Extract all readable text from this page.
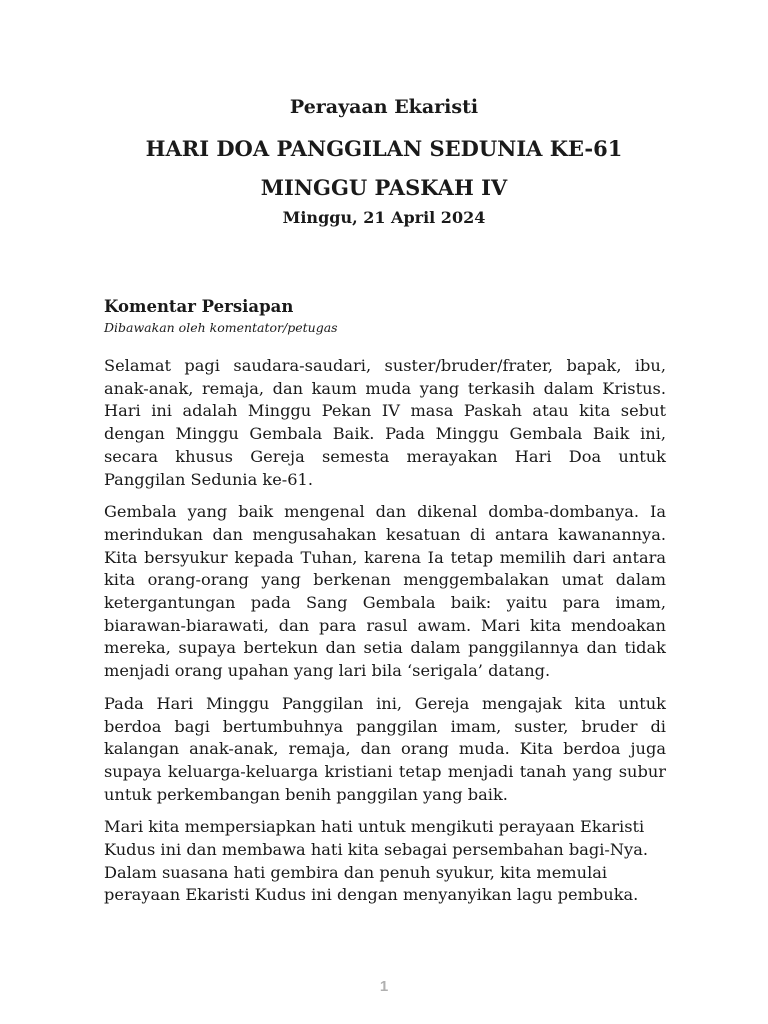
Perayaan Ekaristi
HARI DOA PANGGILAN SEDUNIA KE-61
MINGGU PASKAH IV
Minggu, 21 April 2024
Komentar Persiapan
Dibawakan oleh komentator/petugas

Selamat pagi saudara-saudari, suster/bruder/frater, bapak, ibu, anak-anak, remaja, dan kaum muda yang terkasih dalam Kristus. Hari ini adalah Minggu Pekan IV masa Paskah atau kita sebut dengan Minggu Gembala Baik. Pada Minggu Gembala Baik ini, secara khusus Gereja semesta merayakan Hari Doa untuk Panggilan Sedunia ke-61.

Gembala yang baik mengenal dan dikenal domba-dombanya. Ia merindukan dan mengusahakan kesatuan di antara kawanannya. Kita bersyukur kepada Tuhan, karena Ia tetap memilih dari antara kita orang-orang yang berkenan menggembalakan umat dalam ketergantungan pada Sang Gembala baik: yaitu para imam, biarawan-biarawati, dan para rasul awam. Mari kita mendoakan mereka, supaya bertekun dan setia dalam panggilannya dan tidak menjadi orang upahan yang lari bila ‘serigala’ datang.

Pada Hari Minggu Panggilan ini, Gereja mengajak kita untuk berdoa bagi bertumbuhnya panggilan imam, suster, bruder di kalangan anak-anak, remaja, dan orang muda. Kita berdoa juga supaya keluarga-keluarga kristiani tetap menjadi tanah yang subur untuk perkembangan benih panggilan yang baik.

Mari kita mempersiapkan hati untuk mengikuti perayaan Ekaristi Kudus ini dan membawa hati kita sebagai persembahan bagi-Nya. Dalam suasana hati gembira dan penuh syukur, kita memulai perayaan Ekaristi Kudus ini dengan menyanyikan lagu pembuka.

1
